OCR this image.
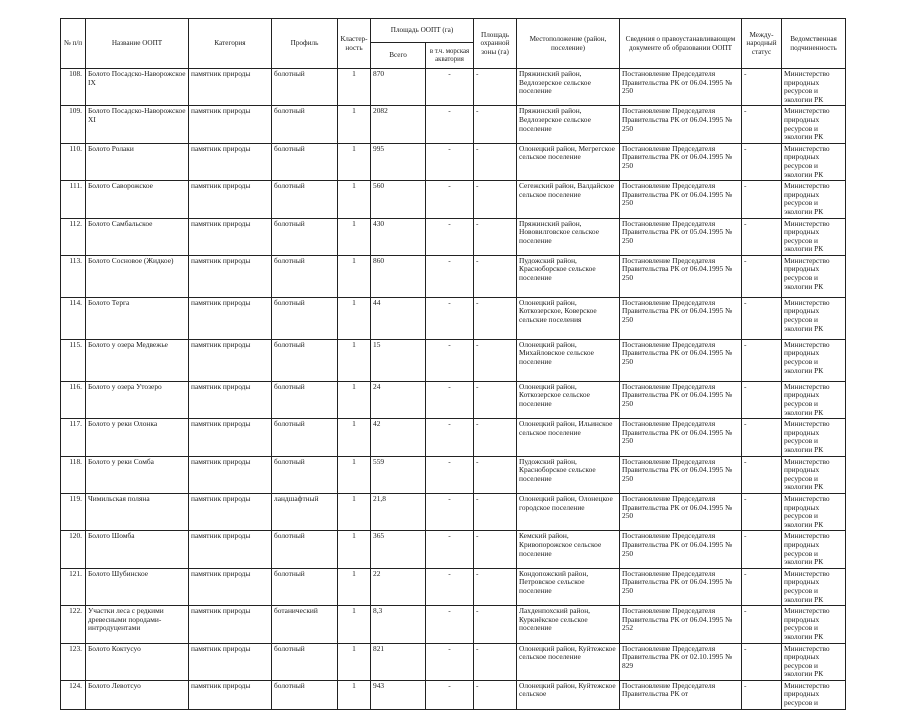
№ п/п	Название ООПТ	Категория	Профиль	Кластер-ность	Площадь ООПТ (га)		Площадь охранной зоны (га)	Местоположение (район, поселение)	Сведения о правоустанавливающем документе об образовании ООПТ	Между-народный статус	Ведомственная подчиненность
					Всего	в т.ч. морская акватория					
108.	Болото Посадско-Наворожское IX	памятник природы	болотный	1	870	-	-	Пряжинский район, Ведлозерское сельское поселение	Постановление Председателя Правительства РК от 06.04.1995 № 250	-	Министерство природных ресурсов и экологии РК
109.	Болото Посадско-Наворожское XI	памятник природы	болотный	1	2082	-	-	Пряжинский район, Ведлозерское сельское поселение	Постановление Председателя Правительства РК от 06.04.1995 № 250	-	Министерство природных ресурсов и экологии РК
110.	Болото Ролаки	памятник природы	болотный	1	995	-	-	Олонецкий район, Мегрегское сельское поселение	Постановление Председателя Правительства РК от 06.04.1995 № 250	-	Министерство природных ресурсов и экологии РК
111.	Болото Саворожское	памятник природы	болотный	1	560	-	-	Сегежский район, Валдайское сельское поселение	Постановление Председателя Правительства РК от 06.04.1995 № 250	-	Министерство природных ресурсов и экологии РК
112.	Болото Самбальское	памятник природы	болотный	1	430	-	-	Пряжинский район, Нововилговское сельское поселение	Постановление Председателя Правительства РК от 05.04.1995 № 250	-	Министерство природных ресурсов и экологии РК
113.	Болото Сосновое (Жидкое)	памятник природы	болотный	1	860	-	-	Пудожский район, Красноборское сельское поселение	Постановление Председателя Правительства РК от 06.04.1995 № 250	-	Министерство природных ресурсов и экологии РК
114.	Болото Терга	памятник природы	болотный	1	44	-	-	Олонецкий район, Коткозерское, Коверское сельские поселения	Постановление Председателя Правительства РК от 06.04.1995 № 250	-	Министерство природных ресурсов и экологии РК
115.	Болото у озера Медвежье	памятник природы	болотный	1	15	-	-	Олонецкий район, Михайловское сельское поселение	Постановление Председателя Правительства РК от 06.04.1995 № 250	-	Министерство природных ресурсов и экологии РК
116.	Болото у озера Утозеро	памятник природы	болотный	1	24	-	-	Олонецкий район, Коткозерское сельское поселение	Постановление Председателя Правительства РК от 06.04.1995 № 250	-	Министерство природных ресурсов и экологии РК
117.	Болото у реки Олонка	памятник природы	болотный	1	42	-	-	Олонецкий район, Ильинское сельское поселение	Постановление Председателя Правительства РК от 06.04.1995 № 250	-	Министерство природных ресурсов и экологии РК
118.	Болото у реки Сомба	памятник природы	болотный	1	559	-	-	Пудожский район, Красноборское сельское поселение	Постановление Председателя Правительства РК от 06.04.1995 № 250	-	Министерство природных ресурсов и экологии РК
119.	Чимильская поляна	памятник природы	ландшафтный	1	21,8	-	-	Олонецкий район, Олонецкое городское поселение	Постановление Председателя Правительства РК от 06.04.1995 № 250	-	Министерство природных ресурсов и экологии РК
120.	Болото Шомба	памятник природы	болотный	1	365	-	-	Кемский район, Кривопорожское сельское поселение	Постановление Председателя Правительства РК от 06.04.1995 № 250	-	Министерство природных ресурсов и экологии РК
121.	Болото Шубинское	памятник природы	болотный	1	22	-	-	Кондопожский район, Петровское сельское поселение	Постановление Председателя Правительства РК от 06.04.1995 № 250	-	Министерство природных ресурсов и экологии РК
122.	Участки леса с редкими древесными породами-интродуцентами	памятник природы	ботанический	1	8,3	-	-	Лахденпохский район, Куркиёкское сельское поселение	Постановление Председателя Правительства РК от 06.04.1995 № 252	-	Министерство природных ресурсов и экологии РК
123.	Болото Коктусуо	памятник природы	болотный	1	821	-	-	Олонецкий район, Куйтежское сельское поселение	Постановление Председателя Правительства РК от 02.10.1995 № 829	-	Министерство природных ресурсов и экологии РК
124.	Болото Левотсуо	памятник природы	болотный	1	943	-	-	Олонецкий район, Куйтежское сельское	Постановление Председателя Правительства РК от	-	Министерство природных ресурсов и
